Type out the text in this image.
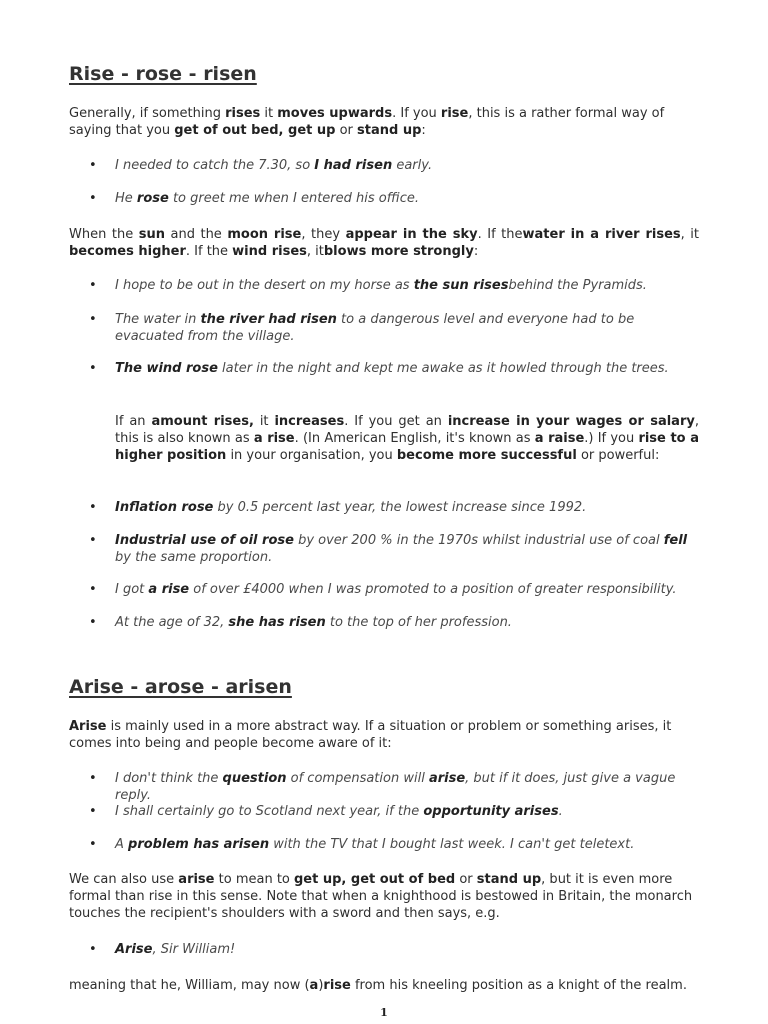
Rise - rose - risen

Generally, if something rises it moves upwards. If you rise, this is a rather formal way of saying that you get of out bed, get up or stand up:

•	I needed to catch the 7.30, so I had risen early.
•	He rose to greet me when I entered his office.

When the sun and the moon rise, they appear in the sky. If thewater in a river rises, it becomes higher. If the wind rises, itblows more strongly:

•	I hope to be out in the desert on my horse as the sun risesbehind the Pyramids.
•	The water in the river had risen to a dangerous level and everyone had to be evacuated from the village.
•	The wind rose later in the night and kept me awake as it howled through the trees.

If an amount rises, it increases. If you get an increase in your wages or salary, this is also known as a rise. (In American English, it's known as a raise.) If you rise to a higher position in your organisation, you become more successful or powerful:

•	Inflation rose by 0.5 percent last year, the lowest increase since 1992.
•	Industrial use of oil rose by over 200 % in the 1970s whilst industrial use of coal fell by the same proportion.
•	I got a rise of over £4000 when I was promoted to a position of greater responsibility.
•	At the age of 32, she has risen to the top of her profession.
Arise - arose - arisen

Arise is mainly used in a more abstract way. If a situation or problem or something arises, it comes into being and people become aware of it:

•	I don't think the question of compensation will arise, but if it does, just give a vague reply.
•	I shall certainly go to Scotland next year, if the opportunity arises.
•	A problem has arisen with the TV that I bought last week. I can't get teletext.

We can also use arise to mean to get up, get out of bed or stand up, but it is even more formal than rise in this sense. Note that when a knighthood is bestowed in Britain, the monarch touches the recipient's shoulders with a sword and then says, e.g.

•	Arise, Sir William!

meaning that he, William, may now (a)rise from his kneeling position as a knight of the realm.

1
